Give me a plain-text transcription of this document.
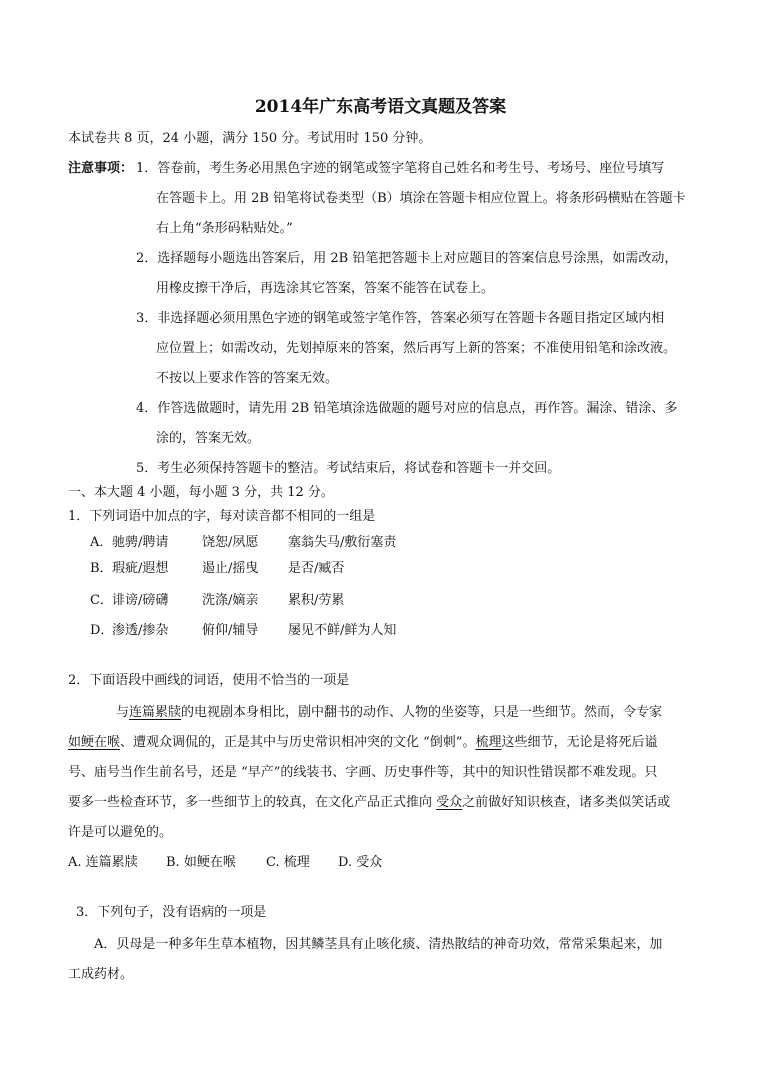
2014年广东高考语文真题及答案
本试卷共 8 页，24 小题，满分 150 分。考试用时 150 分钟。
注意事项： 1．答卷前，考生务必用黑色字迹的钢笔或签字笔将自己姓名和考生号、考场号、座位号填写
在答题卡上。用 2B 铅笔将试卷类型（B）填涂在答题卡相应位置上。将条形码横贴在答题卡
右上角“条形码粘贴处。”
2．选择题每小题选出答案后，用 2B 铅笔把答题卡上对应题目的答案信息号涂黑，如需改动，
用橡皮擦干净后，再选涂其它答案，答案不能答在试卷上。
3．非选择题必须用黑色字迹的钢笔或签字笔作答，答案必须写在答题卡各题目指定区域内相
应位置上；如需改动，先划掉原来的答案，然后再写上新的答案；不准使用铅笔和涂改液。
不按以上要求作答的答案无效。
4．作答选做题时，请先用 2B 铅笔填涂选做题的题号对应的信息点，再作答。漏涂、错涂、多
涂的，答案无效。
5．考生必须保持答题卡的整洁。考试结束后，将试卷和答题卡一并交回。
一、本大题 4 小题，每小题 3 分，共 12 分。
1．下列词语中加点的字，每对读音都不相同的一组是
A．驰骋/聘请	饶恕/夙愿 塞翁失马/敷衍塞责
B．瑕疵/遐想	遏止/摇曳 是否/臧否
C．诽谤/磅礴	洗涤/嫡亲 累积/劳累
D．渗透/掺杂	俯仰/辅导 屡见不鲜/鲜为人知
2．下面语段中画线的词语，使用不恰当的一项是
与连篇累牍的电视剧本身相比，剧中翻书的动作、人物的坐姿等，只是一些细节。然而，令专家
如鲠在喉、遭观众调侃的，正是其中与历史常识相冲突的文化 “倒刺”。梳理这些细节，无论是将死后谥
号、庙号当作生前名号，还是 “早产”的线装书、字画、历史事件等，其中的知识性错误都不难发现。只
要多一些检查环节，多一些细节上的较真，在文化产品正式推向 受众之前做好知识核查，诸多类似笑话或
许是可以避免的。
A. 连篇累牍 B. 如鲠在喉 C. 梳理 D. 受众
3．下列句子，没有语病的一项是
A．贝母是一种多年生草本植物，因其鳞茎具有止咳化痰、清热散结的神奇功效，常常采集起来，加
工成药材。
